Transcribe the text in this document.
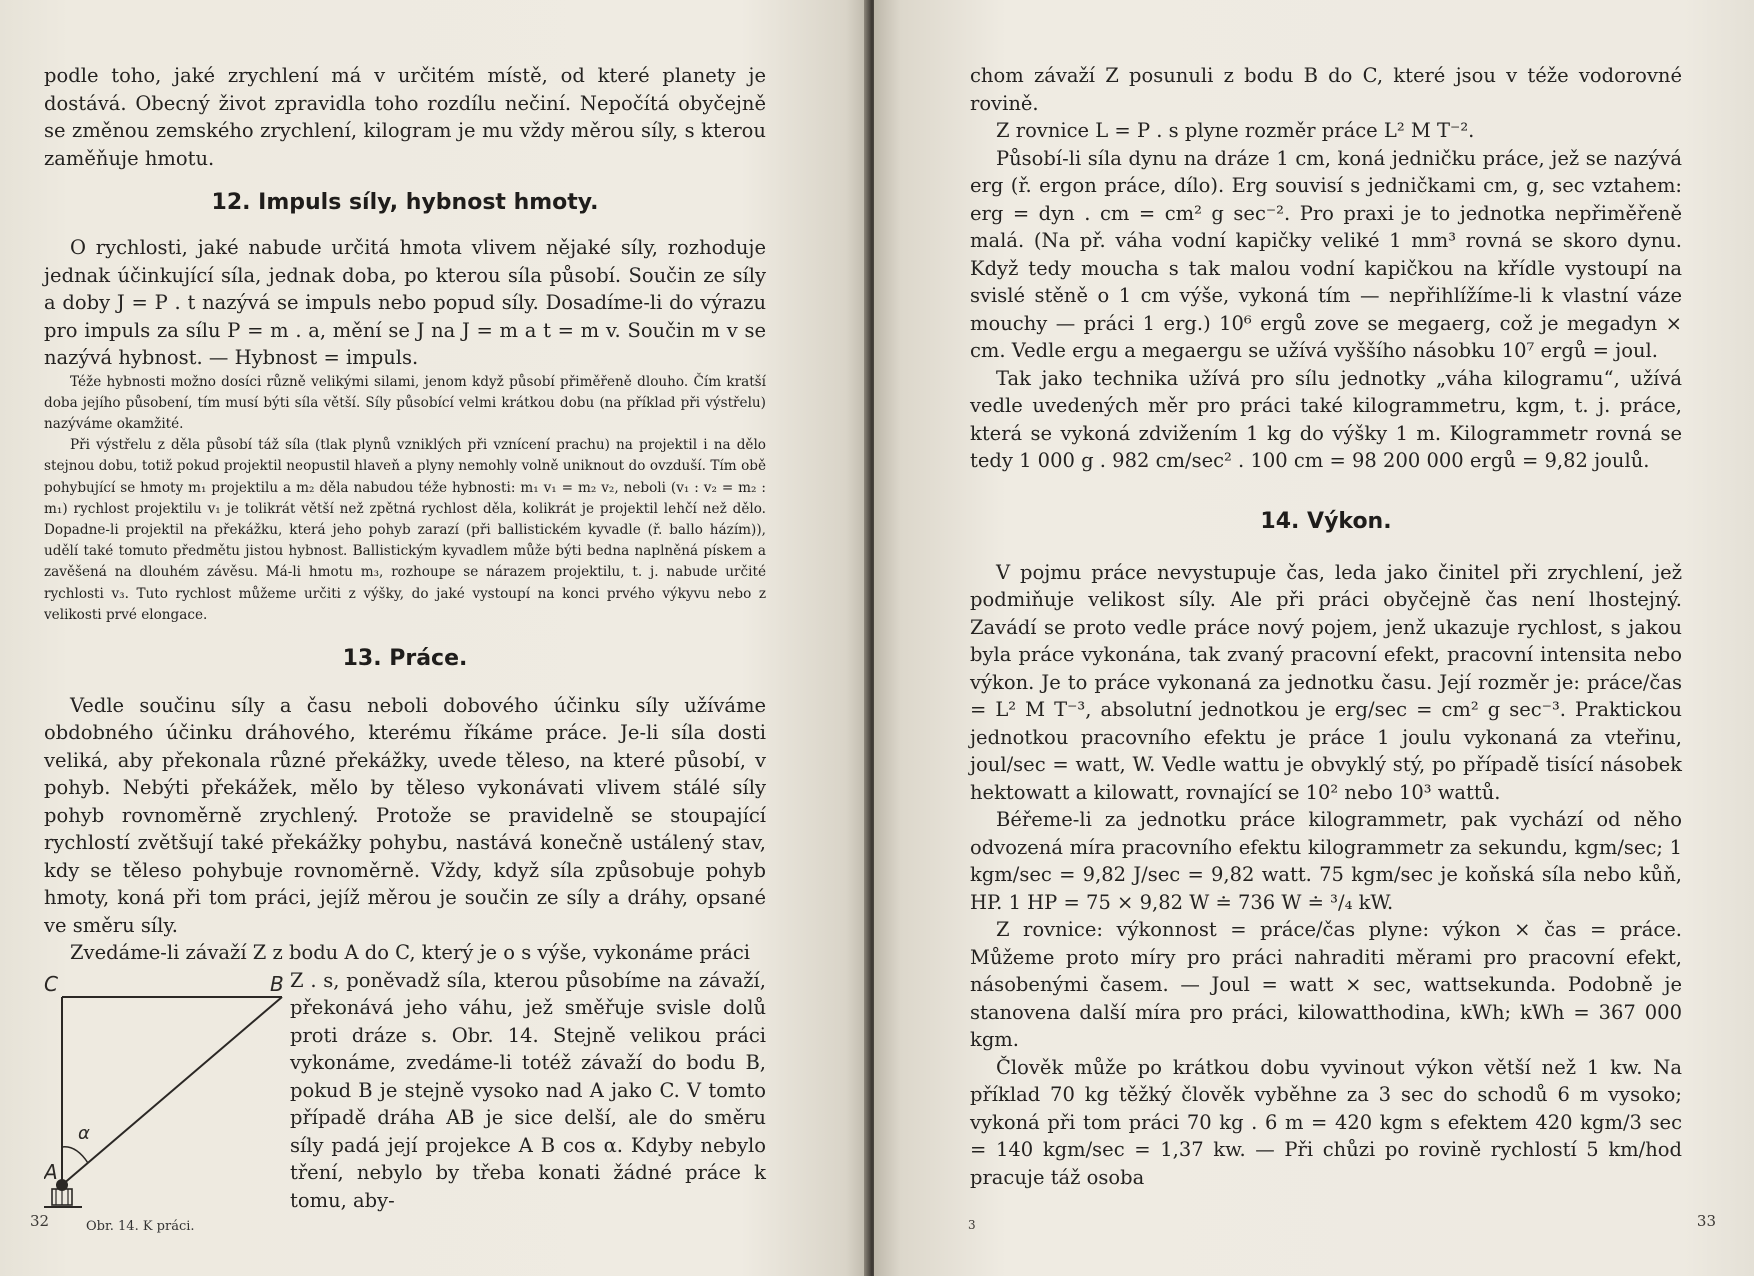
podle toho, jaké zrychlení má v určitém místě, od které planety je dostává. Obecný život zpravidla toho rozdílu nečiní. Nepočítá obyčejně se změnou zemského zrychlení, kilogram je mu vždy měrou síly, s kterou zaměňuje hmotu.

12. Impuls síly, hybnost hmoty.

O rychlosti, jaké nabude určitá hmota vlivem nějaké síly, rozhoduje jednak účinkující síla, jednak doba, po kterou síla působí. Součin ze síly a doby J = P . t nazývá se impuls nebo popud síly. Dosadíme-li do výrazu pro impuls za sílu P = m . a, mění se J na J = m a t = m v. Součin m v se nazývá hybnost. — Hybnost = impuls.

Téže hybnosti možno dosíci různě velikými silami, jenom když působí přiměřeně dlouho. Čím kratší doba jejího působení, tím musí býti síla větší. Síly působící velmi krátkou dobu (na příklad při výstřelu) nazýváme okamžité.

Při výstřelu z děla působí táž síla (tlak plynů vzniklých při vznícení prachu) na projektil i na dělo stejnou dobu, totiž pokud projektil neopustil hlaveň a plyny nemohly volně uniknout do ovzduší. Tím obě pohybující se hmoty m₁ projektilu a m₂ děla nabudou téže hybnosti: m₁ v₁ = m₂ v₂, neboli (v₁ : v₂ = m₂ : m₁) rychlost projektilu v₁ je tolikrát větší než zpětná rychlost děla, kolikrát je projektil lehčí než dělo. Dopadne-li projektil na překážku, která jeho pohyb zarazí (při ballistickém kyvadle (ř. ballo házím)), udělí také tomuto předmětu jistou hybnost. Ballistickým kyvadlem může býti bedna naplněná pískem a zavěšená na dlouhém závěsu. Má-li hmotu m₃, rozhoupe se nárazem projektilu, t. j. nabude určité rychlosti v₃. Tuto rychlost můžeme určiti z výšky, do jaké vystoupí na konci prvého výkyvu nebo z velikosti prvé elongace.

13. Práce.

Vedle součinu síly a času neboli dobového účinku síly užíváme obdobného účinku dráhového, kterému říkáme práce. Je-li síla dosti veliká, aby překonala různé překážky, uvede těleso, na které působí, v pohyb. Nebýti překážek, mělo by těleso vykonávati vlivem stálé síly pohyb rovnoměrně zrychlený. Protože se pravidelně se stoupající rychlostí zvětšují také překážky pohybu, nastává konečně ustálený stav, kdy se těleso pohybuje rovnoměrně. Vždy, když síla způsobuje pohyb hmoty, koná při tom práci, jejíž měrou je součin ze síly a dráhy, opsané ve směru síly.

Zvedáme-li závaží Z z bodu A do C, který je o s výše, vykonáme práci

C	B
A
α
Obr. 14. K práci.

Z . s, poněvadž síla, kterou působíme na závaží, překonává jeho váhu, jež směřuje svisle dolů proti dráze s. Obr. 14. Stejně velikou práci vykonáme, zvedáme-li totéž závaží do bodu B, pokud B je stejně vysoko nad A jako C. V tomto případě dráha AB je sice delší, ale do směru síly padá její projekce A B cos α. Kdyby nebylo tření, nebylo by třeba konati žádné práce k tomu, aby-

32

chom závaží Z posunuli z bodu B do C, které jsou v téže vodorovné rovině.

Z rovnice L = P . s plyne rozměr práce L² M T⁻².

Působí-li síla dynu na dráze 1 cm, koná jedničku práce, jež se nazývá erg (ř. ergon práce, dílo). Erg souvisí s jedničkami cm, g, sec vztahem: erg = dyn . cm = cm² g sec⁻². Pro praxi je to jednotka nepřiměřeně malá. (Na př. váha vodní kapičky veliké 1 mm³ rovná se skoro dynu. Když tedy moucha s tak malou vodní kapičkou na křídle vystoupí na svislé stěně o 1 cm výše, vykoná tím — nepřihlížíme-li k vlastní váze mouchy — práci 1 erg.) 10⁶ ergů zove se megaerg, což je megadyn × cm. Vedle ergu a megaergu se užívá vyššího násobku 10⁷ ergů = joul.

Tak jako technika užívá pro sílu jednotky „váha kilogramu“, užívá vedle uvedených měr pro práci také kilogrammetru, kgm, t. j. práce, která se vykoná zdvižením 1 kg do výšky 1 m. Kilogrammetr rovná se tedy 1 000 g . 982 cm/sec² . 100 cm = 98 200 000 ergů = 9,82 joulů.

14. Výkon.

V pojmu práce nevystupuje čas, leda jako činitel při zrychlení, jež podmiňuje velikost síly. Ale při práci obyčejně čas není lhostejný. Zavádí se proto vedle práce nový pojem, jenž ukazuje rychlost, s jakou byla práce vykonána, tak zvaný pracovní efekt, pracovní intensita nebo výkon. Je to práce vykonaná za jednotku času. Její rozměr je: práce/čas = L² M T⁻³, absolutní jednotkou je erg/sec = cm² g sec⁻³. Praktickou jednotkou pracovního efektu je práce 1 joulu vykonaná za vteřinu, joul/sec = watt, W. Vedle wattu je obvyklý stý, po případě tisící násobek hektowatt a kilowatt, rovnající se 10² nebo 10³ wattů.

Béřeme-li za jednotku práce kilogrammetr, pak vychází od něho odvozená míra pracovního efektu kilogrammetr za sekundu, kgm/sec; 1 kgm/sec = 9,82 J/sec = 9,82 watt. 75 kgm/sec je koňská síla nebo kůň, HP. 1 HP = 75 × 9,82 W ≐ 736 W ≐ ³/₄ kW.

Z rovnice: výkonnost = práce/čas plyne: výkon × čas = práce. Můžeme proto míry pro práci nahraditi měrami pro pracovní efekt, násobenými časem. — Joul = watt × sec, wattsekunda. Podobně je stanovena další míra pro práci, kilowatthodina, kWh; kWh = 367 000 kgm.

Člověk může po krátkou dobu vyvinout výkon větší než 1 kw. Na příklad 70 kg těžký člověk vyběhne za 3 sec do schodů 6 m vysoko; vykoná při tom práci 70 kg . 6 m = 420 kgm s efektem 420 kgm/3 sec = 140 kgm/sec = 1,37 kw. — Při chůzi po rovině rychlostí 5 km/hod pracuje táž osoba

3	33
